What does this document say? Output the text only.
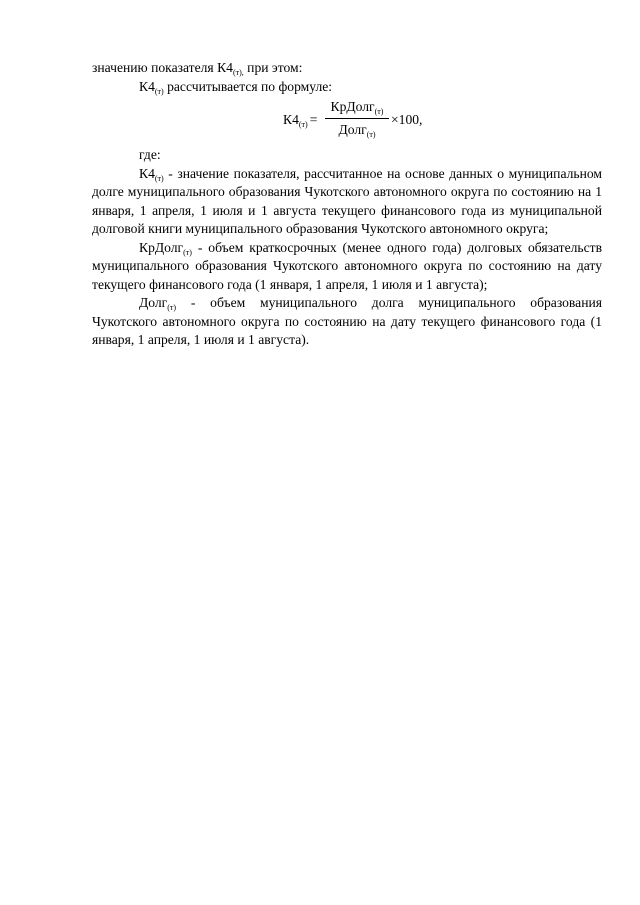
значению показателя $К4_{(т),}$ при этом:

$К4_{(т)}$ рассчитывается по формуле:

$К4_{(т)}$ =
КрДолг$_{(т)}$
Долг$_{(т)}$
×100,

где:

$К4_{(т)}$ - значение показателя, рассчитанное на основе данных о муниципальном долге муниципального образования Чукотского автономного округа по состоянию на 1 января, 1 апреля, 1 июля и 1 августа текущего финансового года из муниципальной долговой книги муниципального образования Чукотского автономного округа;

КрДолг$_{(т)}$ - объем краткосрочных (менее одного года) долговых обязательств муниципального образования Чукотского автономного округа по состоянию на дату текущего финансового года (1 января, 1 апреля, 1 июля и 1 августа);

Долг$_{(т)}$ - объем муниципального долга муниципального образования Чукотского автономного округа по состоянию на дату текущего финансового года (1 января, 1 апреля, 1 июля и 1 августа).
